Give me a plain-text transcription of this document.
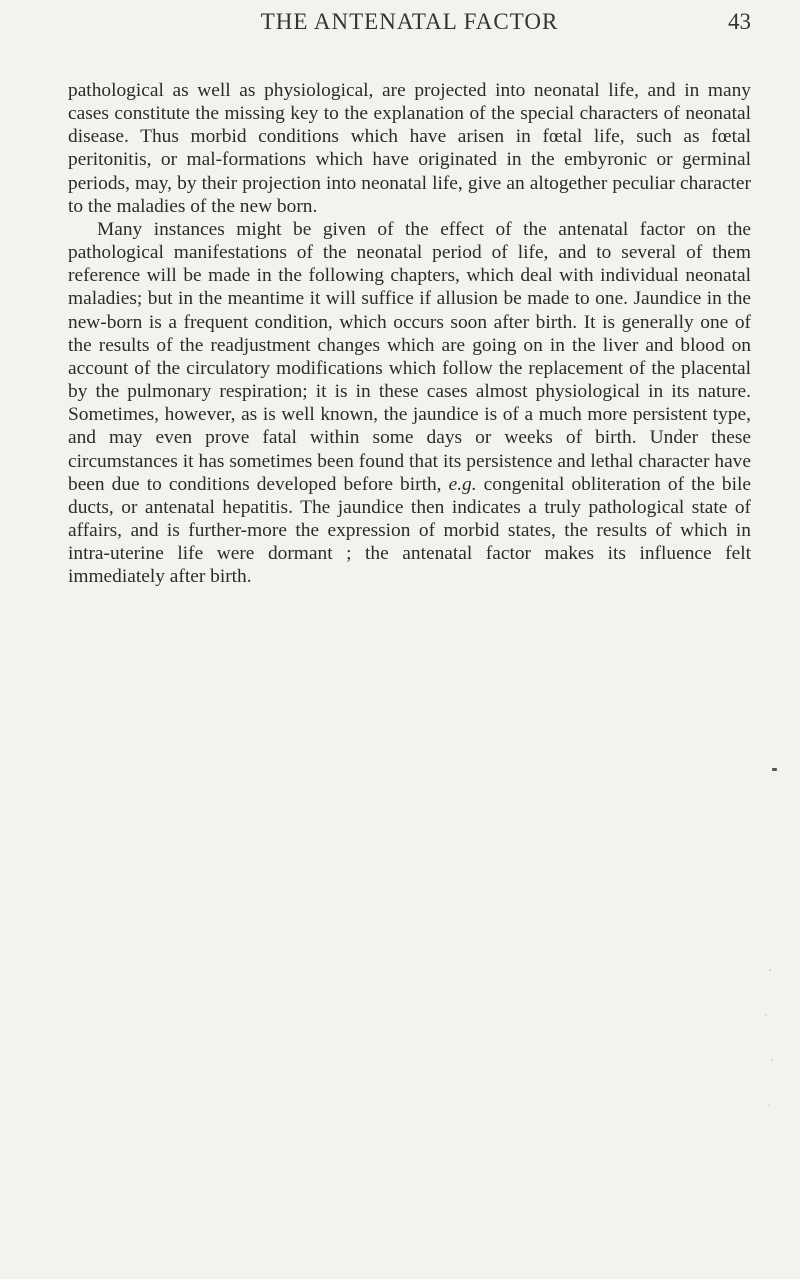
THE ANTENATAL FACTOR	43

pathological as well as physiological, are projected into neonatal life, and in many cases constitute the missing key to the explanation of the special characters of neonatal disease. Thus morbid conditions which have arisen in fœtal life, such as fœtal peritonitis, or mal-formations which have originated in the embyronic or germinal periods, may, by their projection into neonatal life, give an altogether peculiar character to the maladies of the new born.

Many instances might be given of the effect of the antenatal factor on the pathological manifestations of the neonatal period of life, and to several of them reference will be made in the following chapters, which deal with individual neonatal maladies; but in the meantime it will suffice if allusion be made to one. Jaundice in the new-born is a frequent condition, which occurs soon after birth. It is generally one of the results of the readjustment changes which are going on in the liver and blood on account of the circulatory modifications which follow the replacement of the placental by the pulmonary respiration; it is in these cases almost physiological in its nature. Sometimes, however, as is well known, the jaundice is of a much more persistent type, and may even prove fatal within some days or weeks of birth. Under these circumstances it has sometimes been found that its persistence and lethal character have been due to conditions developed before birth, e.g. congenital obliteration of the bile ducts, or antenatal hepatitis. The jaundice then indicates a truly pathological state of affairs, and is further-more the expression of morbid states, the results of which in intra-uterine life were dormant ; the antenatal factor makes its influence felt immediately after birth.
